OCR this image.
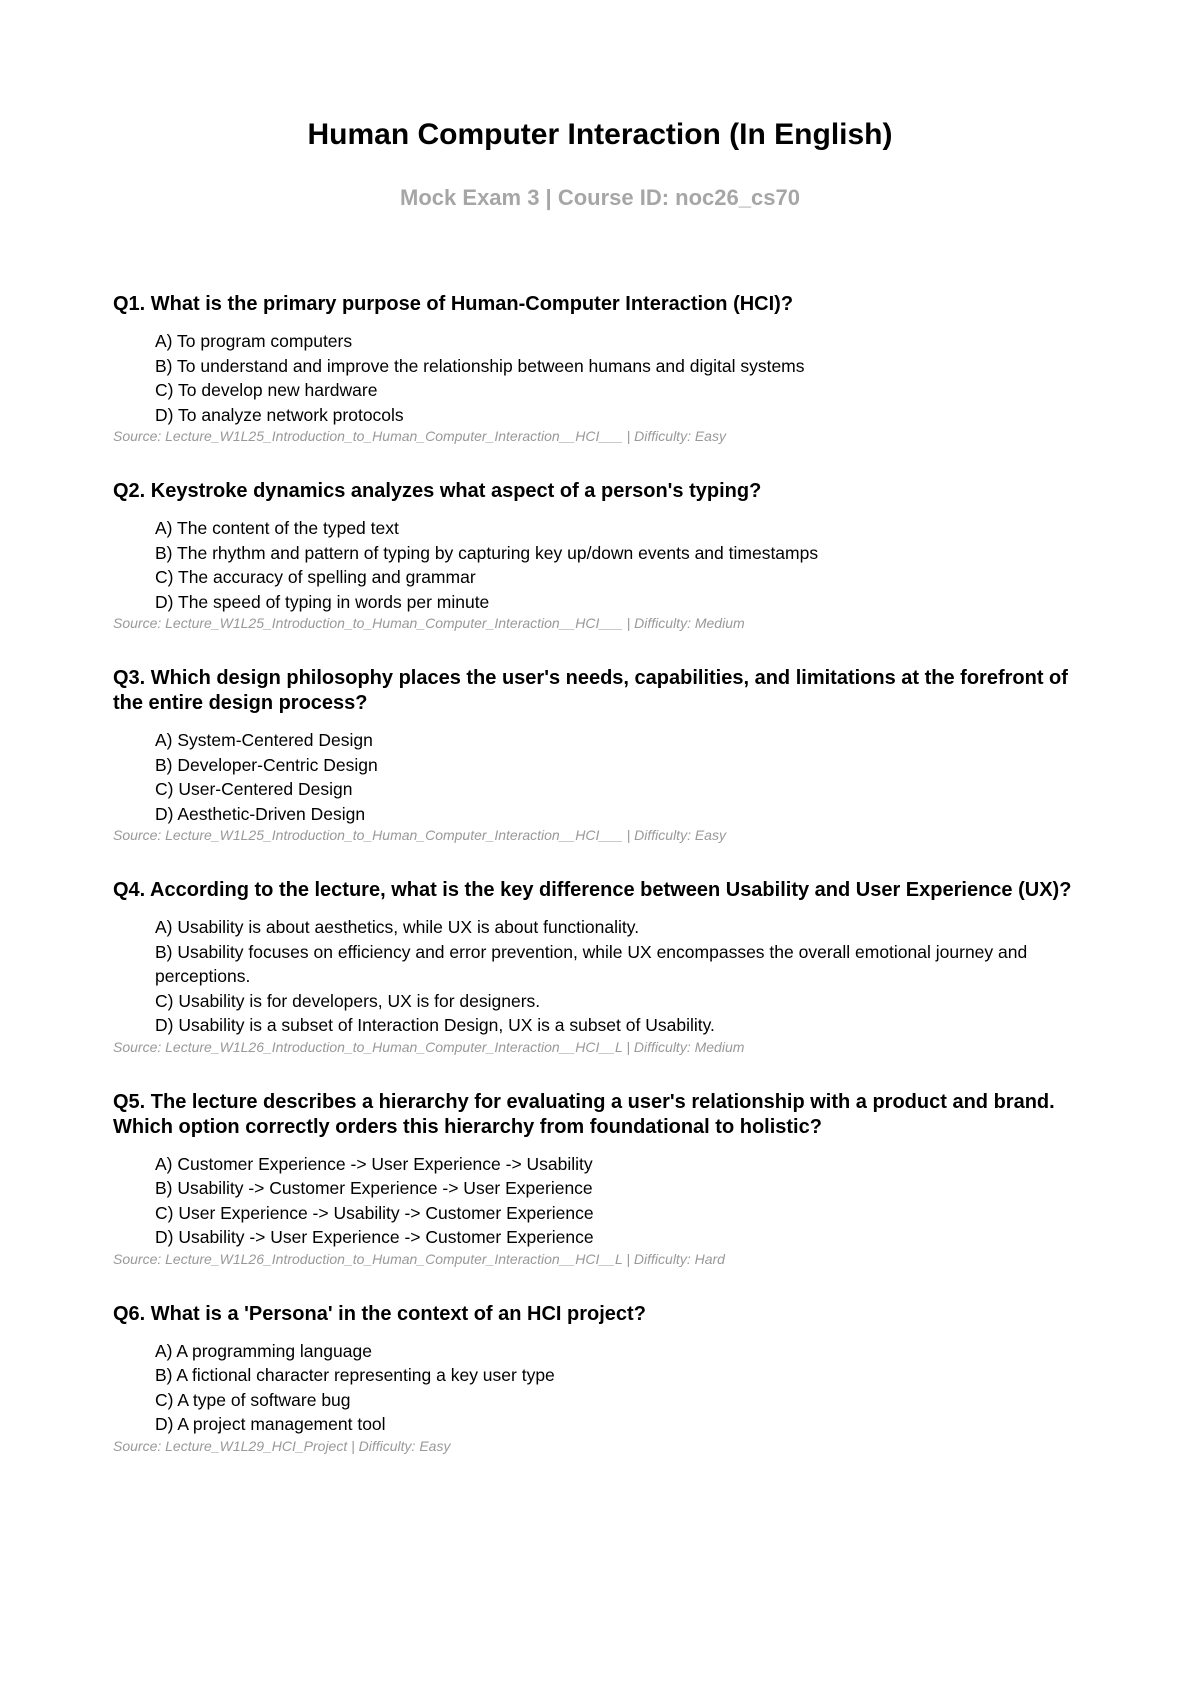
Human Computer Interaction (In English)

Mock Exam 3 | Course ID: noc26_cs70

Q1. What is the primary purpose of Human-Computer Interaction (HCI)?

A) To program computers
B) To understand and improve the relationship between humans and digital systems
C) To develop new hardware
D) To analyze network protocols

Source: Lecture_W1L25_Introduction_to_Human_Computer_Interaction__HCI___ | Difficulty: Easy

Q2. Keystroke dynamics analyzes what aspect of a person's typing?

A) The content of the typed text
B) The rhythm and pattern of typing by capturing key up/down events and timestamps
C) The accuracy of spelling and grammar
D) The speed of typing in words per minute

Source: Lecture_W1L25_Introduction_to_Human_Computer_Interaction__HCI___ | Difficulty: Medium

Q3. Which design philosophy places the user's needs, capabilities, and limitations at the forefront of the entire design process?

A) System-Centered Design
B) Developer-Centric Design
C) User-Centered Design
D) Aesthetic-Driven Design

Source: Lecture_W1L25_Introduction_to_Human_Computer_Interaction__HCI___ | Difficulty: Easy

Q4. According to the lecture, what is the key difference between Usability and User Experience (UX)?

A) Usability is about aesthetics, while UX is about functionality.
B) Usability focuses on efficiency and error prevention, while UX encompasses the overall emotional journey and perceptions.
C) Usability is for developers, UX is for designers.
D) Usability is a subset of Interaction Design, UX is a subset of Usability.

Source: Lecture_W1L26_Introduction_to_Human_Computer_Interaction__HCI__L | Difficulty: Medium

Q5. The lecture describes a hierarchy for evaluating a user's relationship with a product and brand. Which option correctly orders this hierarchy from foundational to holistic?

A) Customer Experience -> User Experience -> Usability
B) Usability -> Customer Experience -> User Experience
C) User Experience -> Usability -> Customer Experience
D) Usability -> User Experience -> Customer Experience

Source: Lecture_W1L26_Introduction_to_Human_Computer_Interaction__HCI__L | Difficulty: Hard

Q6. What is a 'Persona' in the context of an HCI project?

A) A programming language
B) A fictional character representing a key user type
C) A type of software bug
D) A project management tool

Source: Lecture_W1L29_HCI_Project | Difficulty: Easy
